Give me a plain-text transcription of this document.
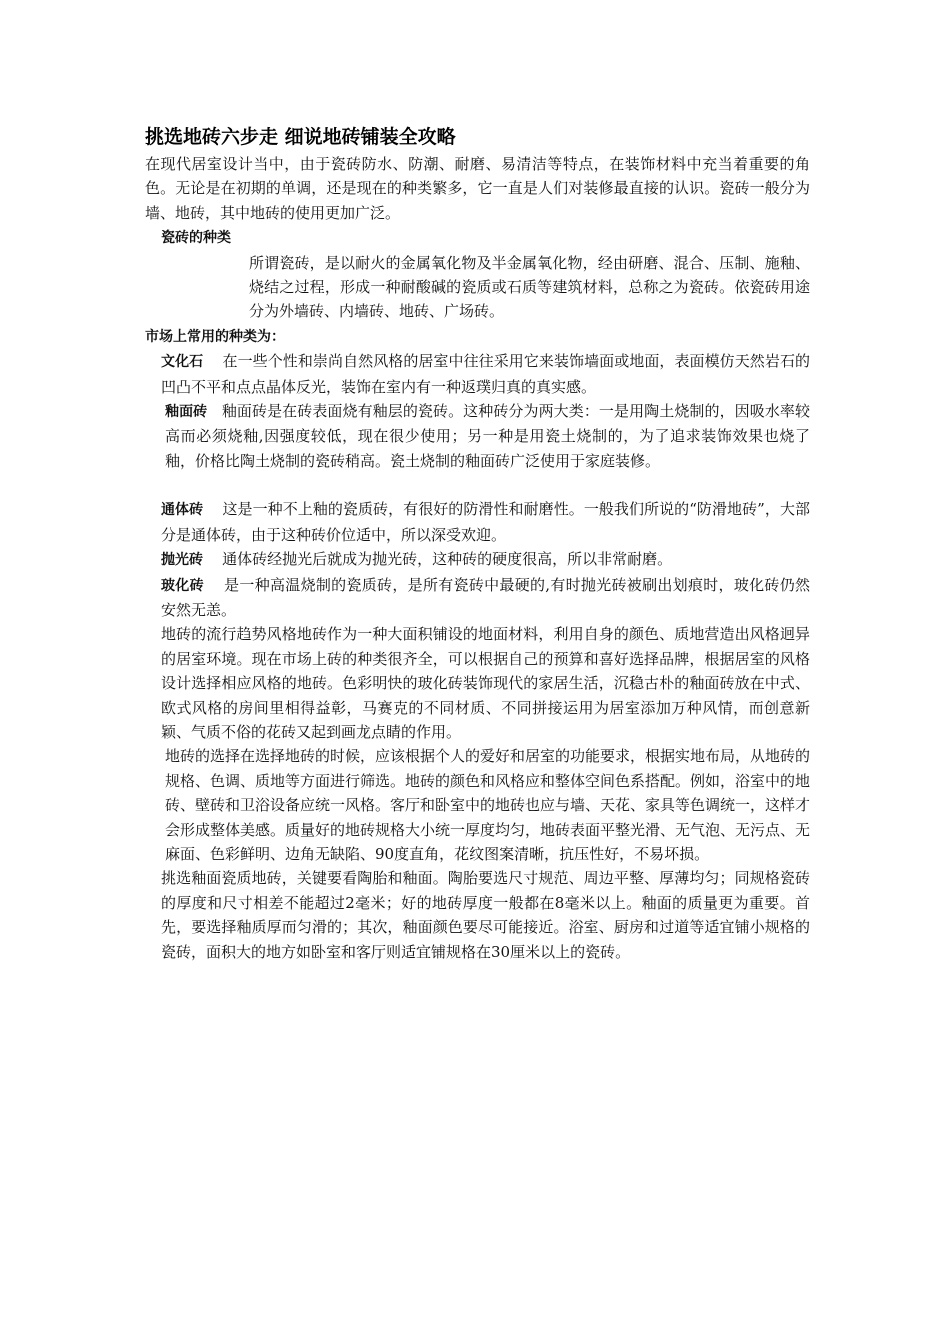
挑选地砖六步走 细说地砖铺装全攻略

在现代居室设计当中，由于瓷砖防水、防潮、耐磨、易清洁等特点，在装饰材料中充当着重要的角色。无论是在初期的单调，还是现在的种类繁多，它一直是人们对装修最直接的认识。瓷砖一般分为墙、地砖，其中地砖的使用更加广泛。

瓷砖的种类

所谓瓷砖，是以耐火的金属氧化物及半金属氧化物，经由研磨、混合、压制、施釉、烧结之过程，形成一种耐酸碱的瓷质或石质等建筑材料，总称之为瓷砖。依瓷砖用途分为外墙砖、内墙砖、地砖、广场砖。

市场上常用的种类为：

文化石 在一些个性和崇尚自然风格的居室中往往采用它来装饰墙面或地面，表面模仿天然岩石的凹凸不平和点点晶体反光，装饰在室内有一种返璞归真的真实感。

釉面砖 釉面砖是在砖表面烧有釉层的瓷砖。这种砖分为两大类：一是用陶土烧制的，因吸水率较高而必须烧釉,因强度较低，现在很少使用；另一种是用瓷土烧制的，为了追求装饰效果也烧了釉，价格比陶土烧制的瓷砖稍高。瓷土烧制的釉面砖广泛使用于家庭装修。

通体砖 这是一种不上釉的瓷质砖，有很好的防滑性和耐磨性。一般我们所说的“防滑地砖”，大部分是通体砖，由于这种砖价位适中，所以深受欢迎。

抛光砖 通体砖经抛光后就成为抛光砖，这种砖的硬度很高，所以非常耐磨。

玻化砖 是一种高温烧制的瓷质砖，是所有瓷砖中最硬的,有时抛光砖被刷出划痕时，玻化砖仍然安然无恙。

地砖的流行趋势风格地砖作为一种大面积铺设的地面材料，利用自身的颜色、质地营造出风格迥异的居室环境。现在市场上砖的种类很齐全，可以根据自己的预算和喜好选择品牌，根据居室的风格设计选择相应风格的地砖。色彩明快的玻化砖装饰现代的家居生活，沉稳古朴的釉面砖放在中式、欧式风格的房间里相得益彰，马赛克的不同材质、不同拼接运用为居室添加万种风情，而创意新颖、气质不俗的花砖又起到画龙点睛的作用。

地砖的选择在选择地砖的时候，应该根据个人的爱好和居室的功能要求，根据实地布局，从地砖的规格、色调、质地等方面进行筛选。地砖的颜色和风格应和整体空间色系搭配。例如，浴室中的地砖、壁砖和卫浴设备应统一风格。客厅和卧室中的地砖也应与墙、天花、家具等色调统一，这样才会形成整体美感。质量好的地砖规格大小统一厚度均匀，地砖表面平整光滑、无气泡、无污点、无麻面、色彩鲜明、边角无缺陷、90度直角，花纹图案清晰，抗压性好，不易坏损。

挑选釉面瓷质地砖，关键要看陶胎和釉面。陶胎要选尺寸规范、周边平整、厚薄均匀；同规格瓷砖的厚度和尺寸相差不能超过2毫米；好的地砖厚度一般都在8毫米以上。釉面的质量更为重要。首先，要选择釉质厚而匀滑的；其次，釉面颜色要尽可能接近。浴室、厨房和过道等适宜铺小规格的瓷砖，面积大的地方如卧室和客厅则适宜铺规格在30厘米以上的瓷砖。
